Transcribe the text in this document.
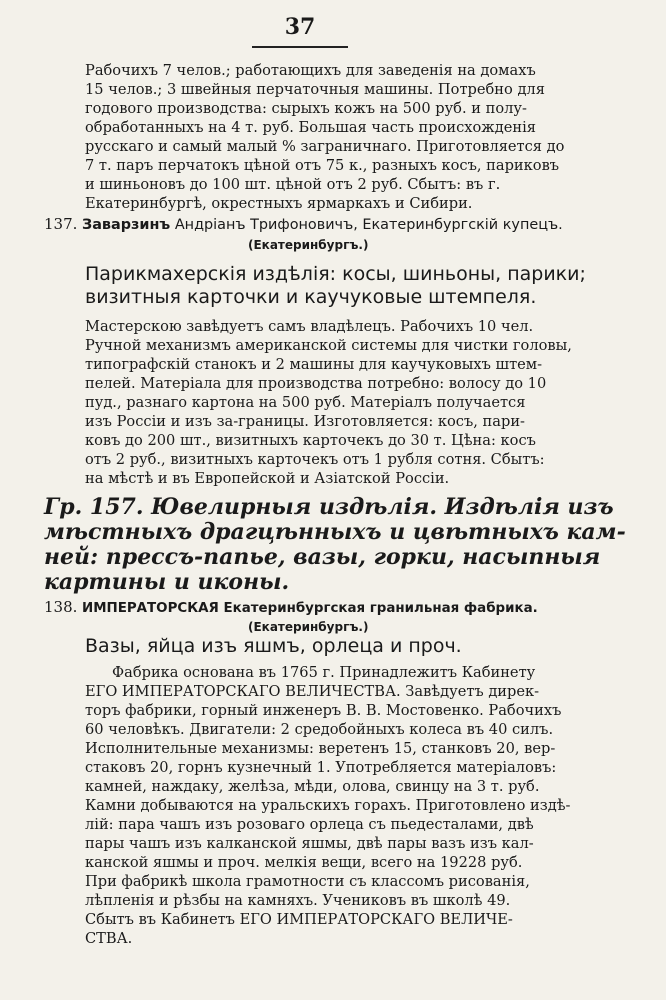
37
Рабочихъ 7 челов.; работающихъ для заведенія на домахъ
15 челов.; 3 швейныя перчаточныя машины. Потребно для
годового производства: сырыхъ кожъ на 500 руб. и полу-
обработанныхъ на 4 т. руб. Большая часть происхожденія
русскаго и самый малый % заграничнаго. Приготовляется до
7 т. паръ перчатокъ цѣной отъ 75 к., разныхъ косъ, париковъ
и шиньоновъ до 100 шт. цѣной отъ 2 руб. Сбытъ: въ г.
Екатеринбургѣ, окрестныхъ ярмаркахъ и Сибири.
137. Заварзинъ Андріанъ Трифоновичъ, Екатеринбургскій купецъ.
(Екатеринбургъ.)
Парикмахерскія издѣлія: косы, шиньоны, парики;
визитныя карточки и каучуковые штемпеля.
Мастерскою завѣдуетъ самъ владѣлецъ. Рабочихъ 10 чел.
Ручной механизмъ американской системы для чистки головы,
типографскій станокъ и 2 машины для каучуковыхъ штем-
пелей. Матеріала для производства потребно: волосу до 10
пуд., разнаго картона на 500 руб. Матеріалъ получается
изъ Россіи и изъ за-границы. Изготовляется: косъ, пари-
ковъ до 200 шт., визитныхъ карточекъ до 30 т. Цѣна: косъ
отъ 2 руб., визитныхъ карточекъ отъ 1 рубля сотня. Сбытъ:
на мѣстѣ и въ Европейской и Азіатской Россіи.
Гр. 157. Ювелирныя издѣлія. Издѣлія изъ
мѣстныхъ драгцѣнныхъ и цвѣтныхъ кам-
ней: прессъ-папье, вазы, горки, насыпныя
картины и иконы.
138. ИМПЕРАТОРСКАЯ Екатеринбургская гранильная фабрика.
(Екатеринбургъ.)
Вазы, яйца изъ яшмъ, орлеца и проч.
Фабрика основана въ 1765 г. Принадлежитъ Кабинету
ЕГО ИМПЕРАТОРСКАГО ВЕЛИЧЕСТВА. Завѣдуетъ дирек-
торъ фабрики, горный инженеръ В. В. Мостовенко. Рабочихъ
60 человѣкъ. Двигатели: 2 средобойныхъ колеса въ 40 силъ.
Исполнительные механизмы: веретенъ 15, станковъ 20, вер-
стаковъ 20, горнъ кузнечный 1. Употребляется матеріаловъ:
камней, наждаку, желѣза, мѣди, олова, свинцу на 3 т. руб.
Камни добываются на уральскихъ горахъ. Приготовлено издѣ-
лій: пара чашъ изъ розоваго орлеца съ пьедесталами, двѣ
пары чашъ изъ калканской яшмы, двѣ пары вазъ изъ кал-
канской яшмы и проч. мелкія вещи, всего на 19228 руб.
При фабрикѣ школа грамотности съ классомъ рисованія,
лѣпленія и рѣзбы на камняхъ. Учениковъ въ школѣ 49.
Сбытъ въ Кабинетъ ЕГО ИМПЕРАТОРСКАГО ВЕЛИЧЕ-
СТВА.
